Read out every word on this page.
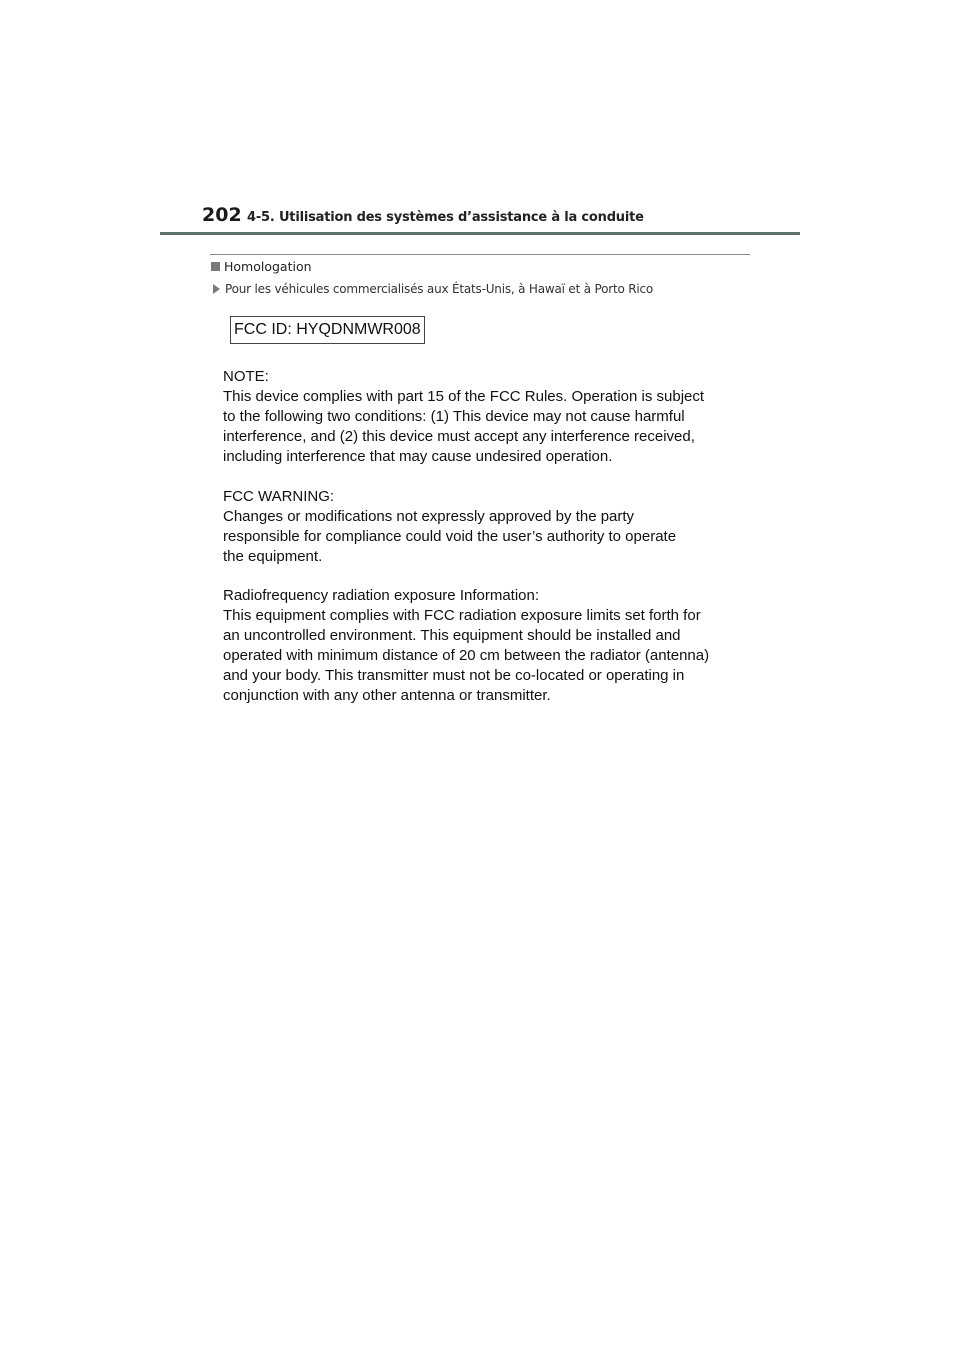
202 4-5. Utilisation des systèmes d’assistance à la conduite
Homologation
Pour les véhicules commercialisés aux États-Unis, à Hawaï et à Porto Rico
FCC ID: HYQDNMWR008
NOTE:
This device complies with part 15 of the FCC Rules. Operation is subject
to the following two conditions: (1) This device may not cause harmful
interference, and (2) this device must accept any interference received,
including interference that may cause undesired operation.
FCC WARNING:
Changes or modifications not expressly approved by the party
responsible for compliance could void the user’s authority to operate
the equipment.
Radiofrequency radiation exposure Information:
This equipment complies with FCC radiation exposure limits set forth for
an uncontrolled environment. This equipment should be installed and
operated with minimum distance of 20 cm between the radiator (antenna)
and your body. This transmitter must not be co-located or operating in
conjunction with any other antenna or transmitter.
